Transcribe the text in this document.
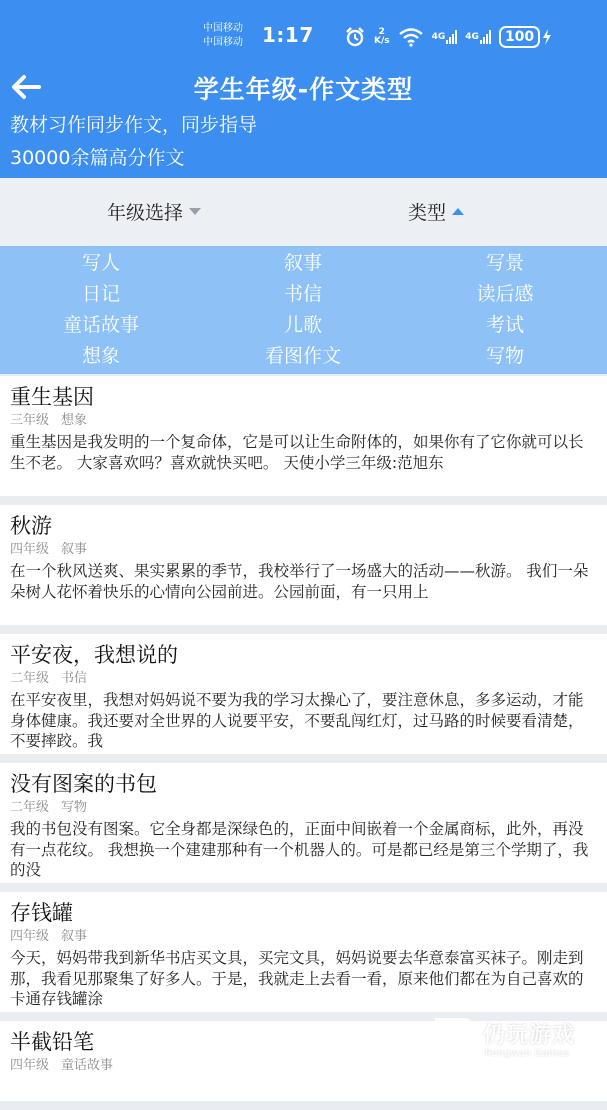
中国移动
中国移动 1:17	2
K/s	4G 4G	100
学生年级-作文类型
教材习作同步作文，同步指导
30000余篇高分作文
年级选择	类型
写人	叙事	写景
日记	书信	读后感
童话故事	儿歌	考试
想象	看图作文	写物
重生基因
三年级 想象
重生基因是我发明的一个复命体，它是可以让生命附体的，如果你有了它你就可以长生不老。 大家喜欢吗？喜欢就快买吧。 天使小学三年级:范旭东
秋游
四年级 叙事
在一个秋风送爽、果实累累的季节，我校举行了一场盛大的活动——秋游。 我们一朵朵树人花怀着快乐的心情向公园前进。公园前面，有一只用上
平安夜，我想说的
二年级 书信
在平安夜里，我想对妈妈说不要为我的学习太操心了，要注意休息，多多运动，才能身体健康。我还要对全世界的人说要平安，不要乱闯红灯，过马路的时候要看清楚，不要摔跤。我
没有图案的书包
二年级 写物
我的书包没有图案。它全身都是深绿色的，正面中间嵌着一个金属商标，此外，再没有一点花纹。 我想换一个建建那种有一个机器人的。可是都已经是第三个学期了，我的没
存钱罐
四年级 叙事
今天，妈妈带我到新华书店买文具，买完文具，妈妈说要去华意泰富买袜子。刚走到那，我看见那聚集了好多人。于是，我就走上去看一看，原来他们都在为自己喜欢的卡通存钱罐涂
半截铅笔
四年级 童话故事
仍玩游戏
Rengwan Games
